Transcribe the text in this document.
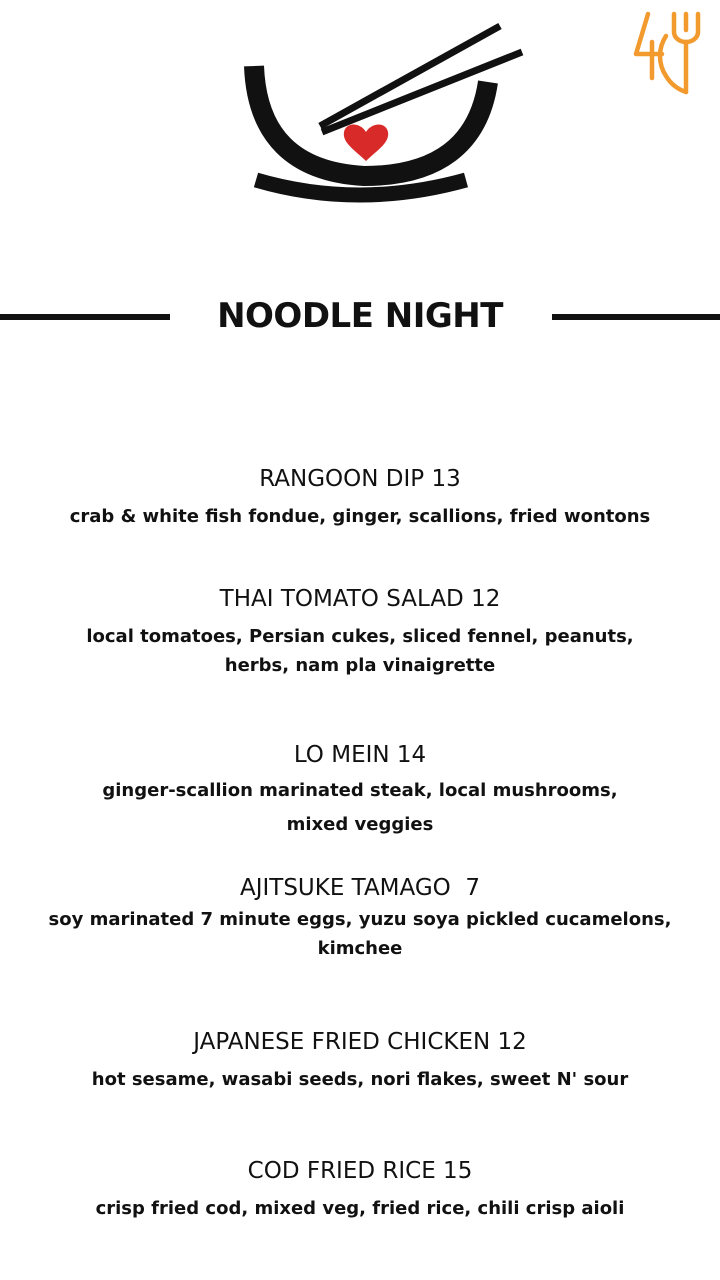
NOODLE NIGHT

RANGOON DIP 13

crab & white fish fondue, ginger, scallions, fried wontons

THAI TOMATO SALAD 12

local tomatoes, Persian cukes, sliced fennel, peanuts,
herbs, nam pla vinaigrette

LO MEIN 14

ginger-scallion marinated steak, local mushrooms,
mixed veggies

AJITSUKE TAMAGO  7

soy marinated 7 minute eggs, yuzu soya pickled cucamelons,
kimchee

JAPANESE FRIED CHICKEN 12

hot sesame, wasabi seeds, nori flakes, sweet N' sour

COD FRIED RICE 15

crisp fried cod, mixed veg, fried rice, chili crisp aioli
